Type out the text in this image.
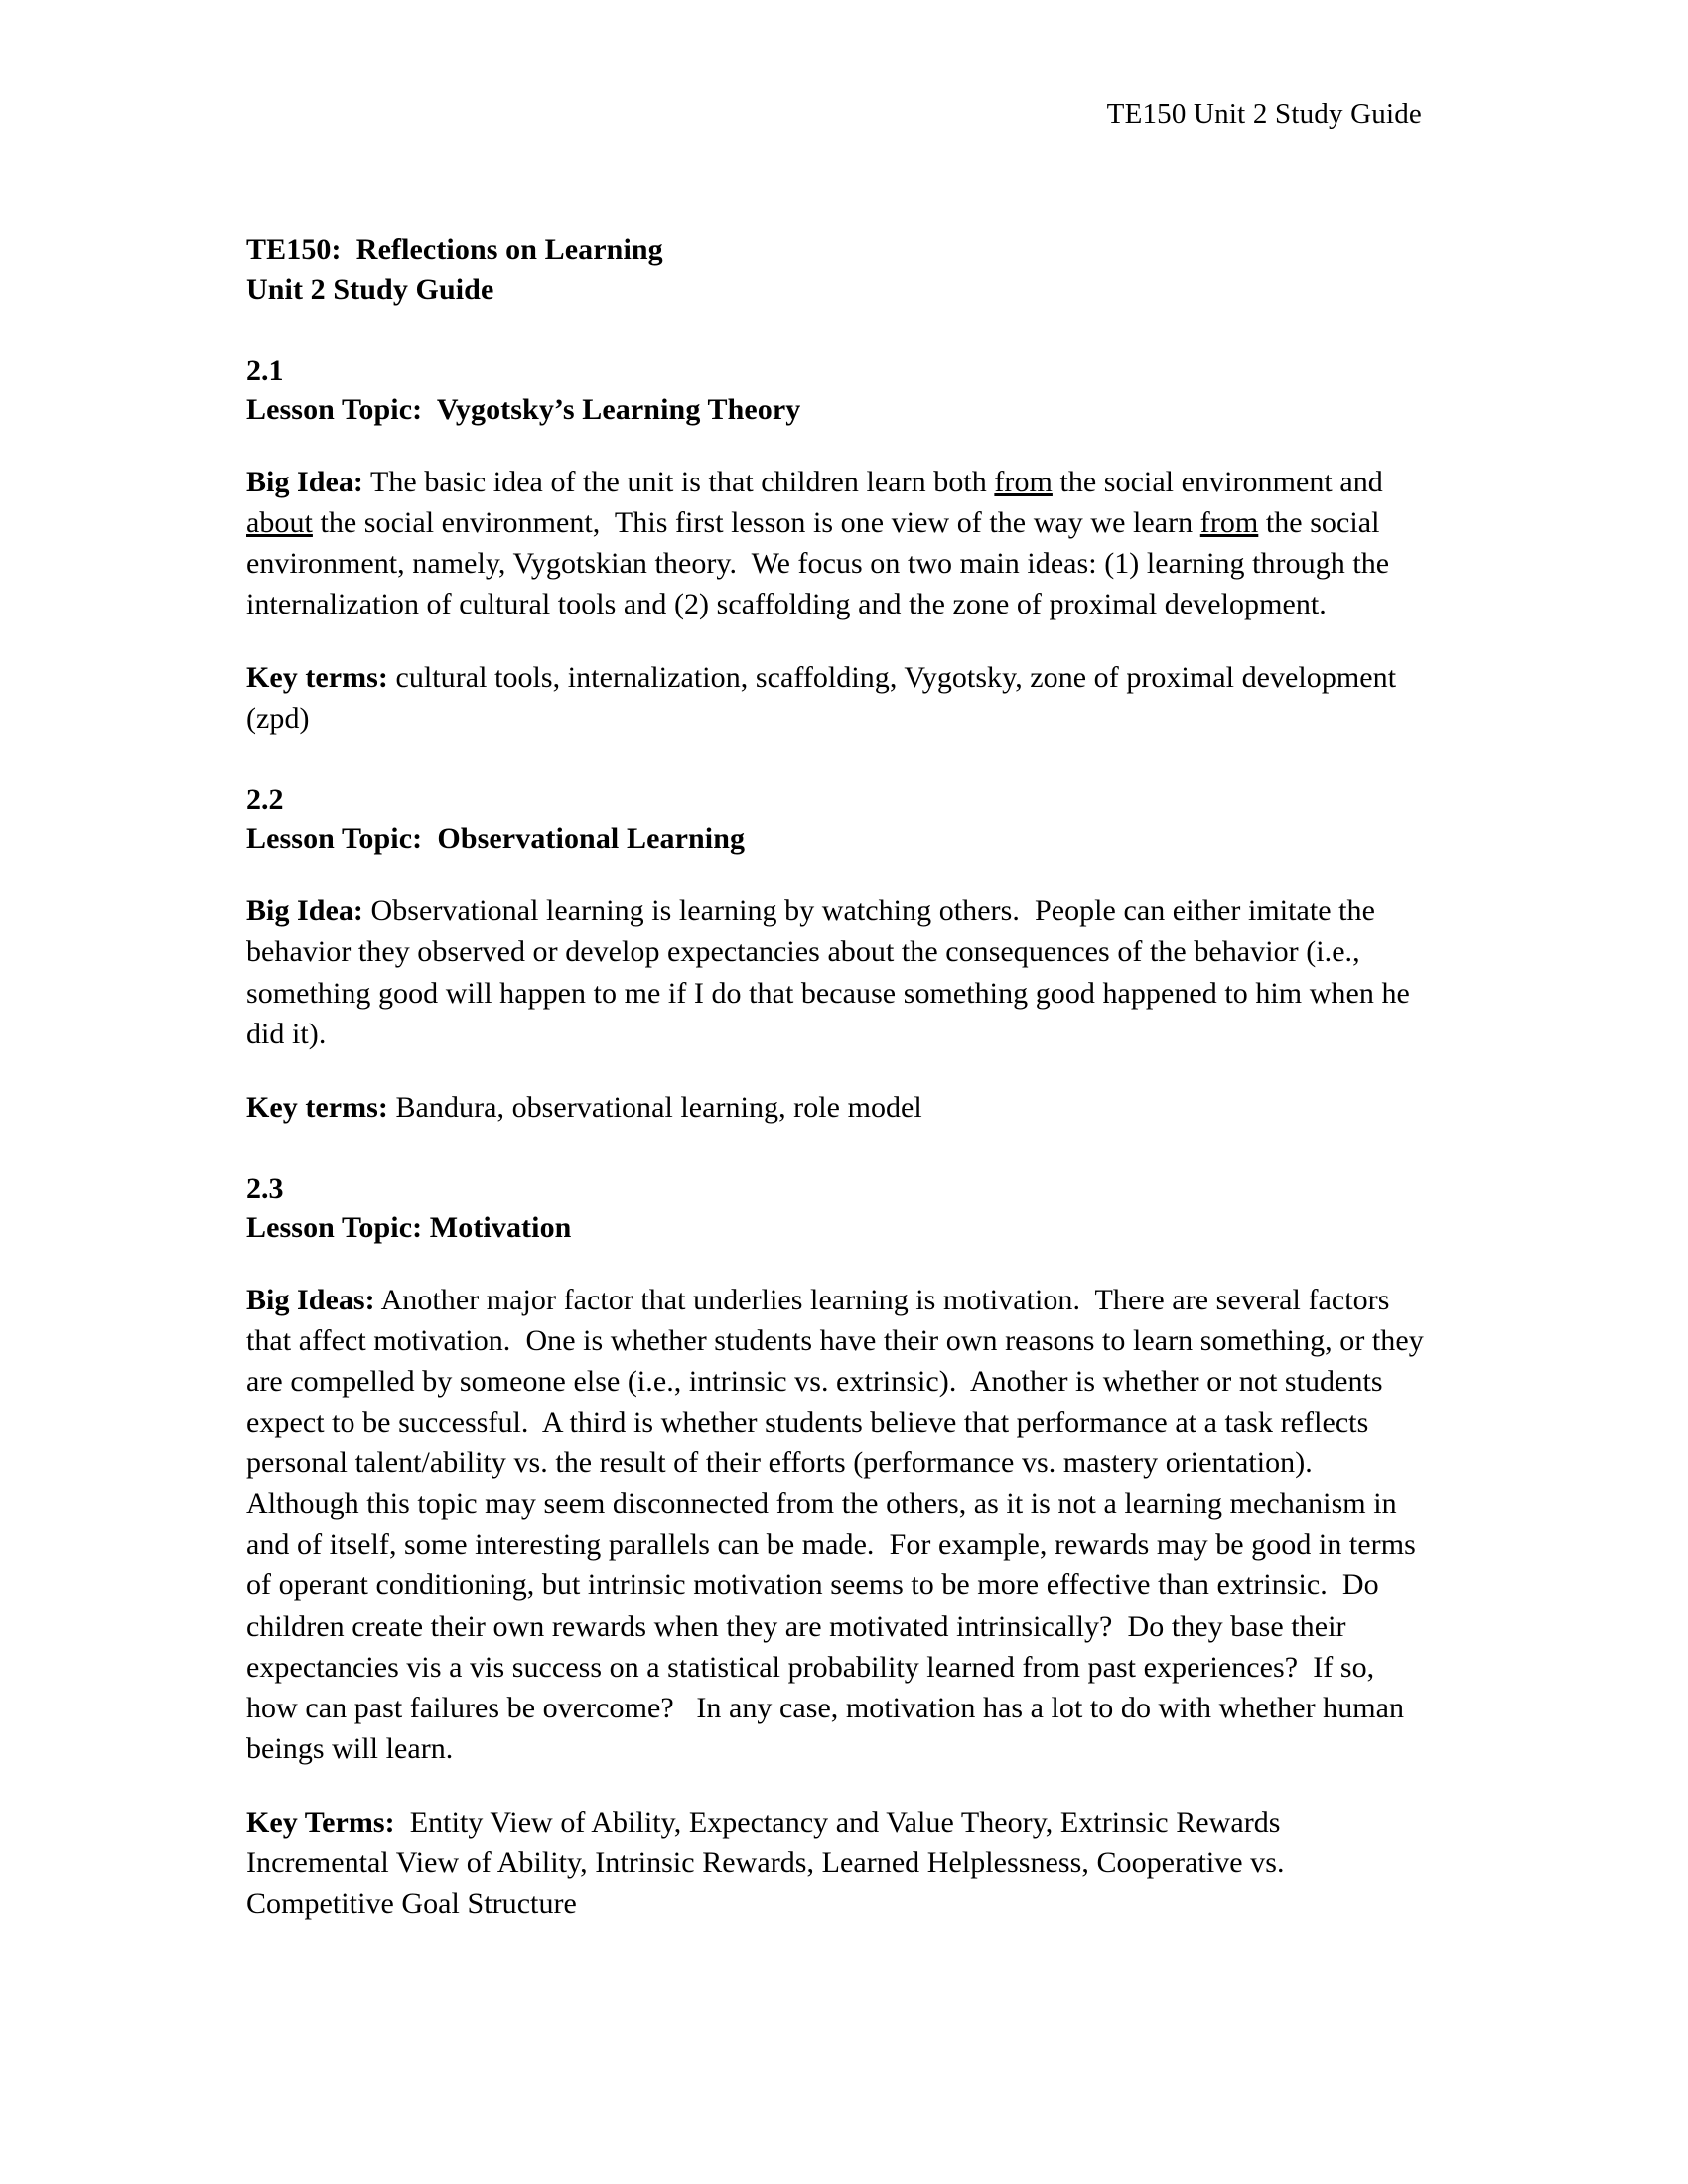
TE150 Unit 2 Study Guide
TE150:  Reflections on Learning
Unit 2 Study Guide
2.1
Lesson Topic:  Vygotsky’s Learning Theory

Big Idea: The basic idea of the unit is that children learn both from the social environment and about the social environment,  This first lesson is one view of the way we learn from the social environment, namely, Vygotskian theory.  We focus on two main ideas: (1) learning through the internalization of cultural tools and (2) scaffolding and the zone of proximal development.

Key terms: cultural tools, internalization, scaffolding, Vygotsky, zone of proximal development (zpd)

2.2
Lesson Topic:  Observational Learning

Big Idea: Observational learning is learning by watching others.  People can either imitate the behavior they observed or develop expectancies about the consequences of the behavior (i.e., something good will happen to me if I do that because something good happened to him when he did it).

Key terms: Bandura, observational learning, role model

2.3
Lesson Topic: Motivation

Big Ideas: Another major factor that underlies learning is motivation.  There are several factors that affect motivation.  One is whether students have their own reasons to learn something, or they are compelled by someone else (i.e., intrinsic vs. extrinsic).  Another is whether or not students expect to be successful.  A third is whether students believe that performance at a task reflects personal talent/ability vs. the result of their efforts (performance vs. mastery orientation).  Although this topic may seem disconnected from the others, as it is not a learning mechanism in and of itself, some interesting parallels can be made.  For example, rewards may be good in terms of operant conditioning, but intrinsic motivation seems to be more effective than extrinsic.  Do children create their own rewards when they are motivated intrinsically?  Do they base their expectancies vis a vis success on a statistical probability learned from past experiences?  If so, how can past failures be overcome?   In any case, motivation has a lot to do with whether human beings will learn.

Key Terms:  Entity View of Ability, Expectancy and Value Theory, Extrinsic Rewards Incremental View of Ability, Intrinsic Rewards, Learned Helplessness, Cooperative vs. Competitive Goal Structure
